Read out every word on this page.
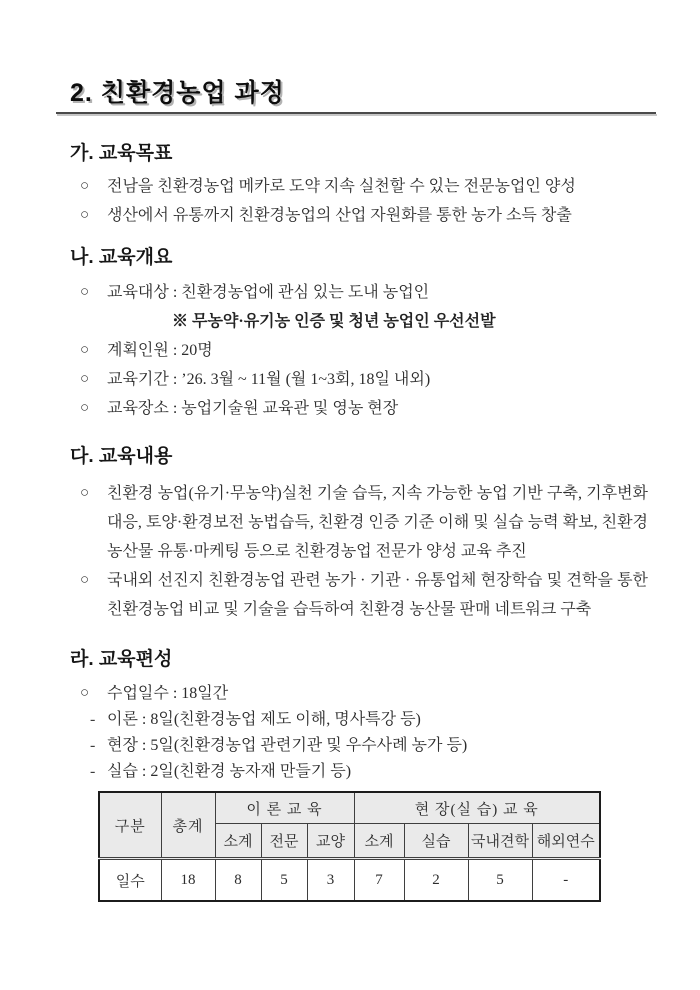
2. 친환경농업 과정
가. 교육목표
○	전남을 친환경농업 메카로 도약 지속 실천할 수 있는 전문농업인 양성
○	생산에서 유통까지 친환경농업의 산업 자원화를 통한 농가 소득 창출
나. 교육개요
○	교육대상 : 친환경농업에 관심 있는 도내 농업인
※ 무농약·유기농 인증 및 청년 농업인 우선선발
○	계획인원 : 20명
○	교육기간 : ’26. 3월 ~ 11월 (월 1~3회, 18일 내외)
○	교육장소 : 농업기술원 교육관 및 영농 현장
다. 교육내용
○	친환경 농업(유기·무농약)실천 기술 습득, 지속 가능한 농업 기반 구축, 기후변화 대응, 토양·환경보전 농법습득, 친환경 인증 기준 이해 및 실습 능력 확보, 친환경 농산물 유통·마케팅 등으로 친환경농업 전문가 양성 교육 추진
○	국내외 선진지 친환경농업 관련 농가 · 기관 · 유통업체 현장학습 및 견학을 통한 친환경농업 비교 및 기술을 습득하여 친환경 농산물 판매 네트워크 구축
라. 교육편성
○	수업일수 : 18일간
- 이론 : 8일(친환경농업 제도 이해, 명사특강 등)
- 현장 : 5일(친환경농업 관련기관 및 우수사례 농가 등)
- 실습 : 2일(친환경 농자재 만들기 등)
구분	총계	이 론 교 육			현 장(실 습) 교 육			
		소계	전문	교양	소계	실습	국내견학	해외연수
일수	18	8	5	3	7	2	5	-
